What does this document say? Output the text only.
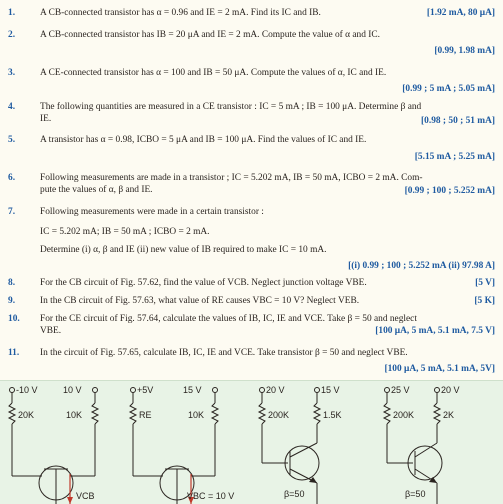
1.	A CB-connected transistor has α = 0.96 and IE = 2 mA. Find its IC and IB.	[1.92 mA, 80 μA]
2.	A CB-connected transistor has IB = 20 μA and IE = 2 mA. Compute the value of α and IC.
[0.99, 1.98 mA]
3.	A CE-connected transistor has α = 100 and IB = 50 μA. Compute the values of α, IC and IE.
[0.99 ; 5 mA ; 5.05 mA]
4.	The following quantities are measured in a CE transistor : IC = 5 mA ; IB = 100 μA. Determine β and
IE.	[0.98 ; 50 ; 51 mA]
5.	A transistor has α = 0.98, ICBO = 5 μA and IB = 100 μA. Find the values of IC and IE.
[5.15 mA ; 5.25 mA]
6.	Following measurements are made in a transistor ; IC = 5.202 mA, IB = 50 mA, ICBO = 2 mA. Com-
pute the values of α, β and IE.	[0.99 ; 100 ; 5.252 mA]
7.	Following measurements were made in a certain transistor :
IC = 5.202 mA; IB = 50 mA ; ICBO = 2 mA.
Determine (i) α, β and IE (ii) new value of IB required to make IC = 10 mA.
[(i) 0.99 ; 100 ; 5.252 mA (ii) 97.98 A]
8.	For the CB circuit of Fig. 57.62, find the value of VCB. Neglect junction voltage VBE.	[5 V]
9.	In the CB circuit of Fig. 57.63, what value of RE causes VBC = 10 V? Neglect VEB.	[5 K]
10.	For the CE circuit of Fig. 57.64, calculate the values of IB, IC, IE and VCE. Take β = 50 and neglect
VBE.	[100 μA, 5 mA, 5.1 mA, 7.5 V]
11.	In the circuit of Fig. 57.65, calculate IB, IC, IE and VCE. Take transistor β = 50 and neglect VBE.
[100 μA, 5 mA, 5.1 mA, 5V]
-10 V	10 V
20K	10K
VCB
+5V	15 V
RE	10K
VBC = 10 V
20 V	15 V
200K	1.5K
β=50
25 V	20 V
200K	2K
β=50
